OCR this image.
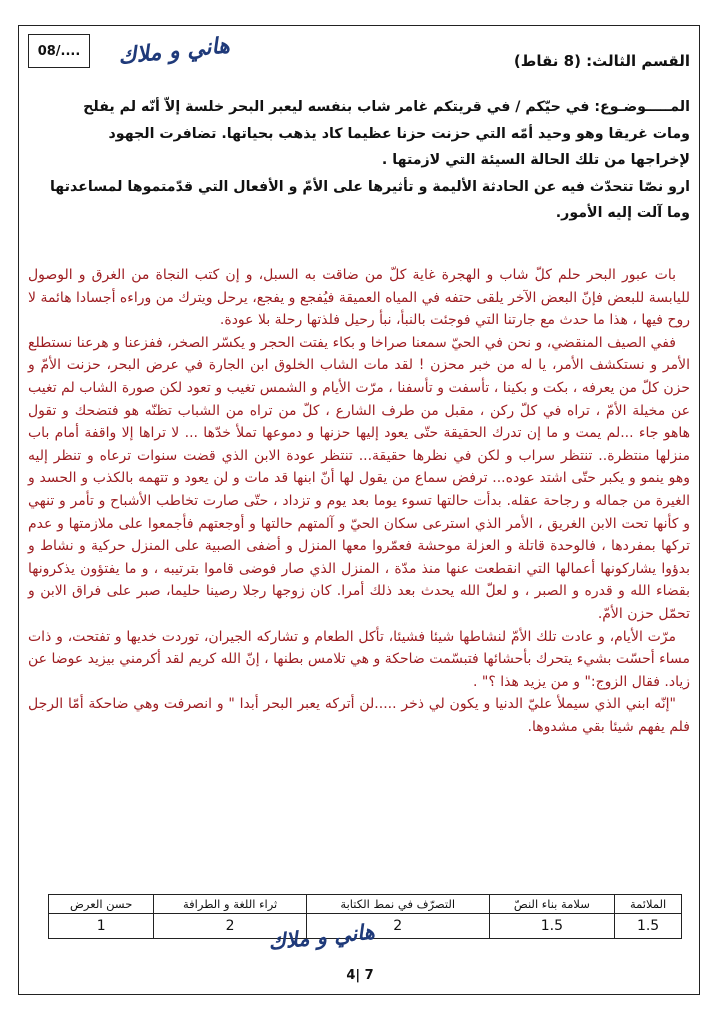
08/....	هاني و ملاك	القسم الثالث: (8 نقاط)
المـــــوضـوع: في حيّكم / في قريتكم غامر شاب بنفسه ليعبر البحر خلسة إلاّ أنّه لم يفلح
ومات غريقا وهو وحيد أمّه التي حزنت حزنا عظيما كاد يذهب بحياتها. تضافرت الجهود
لإخراجها من تلك الحالة السيئة التي لازمتها .
ارو نصّا تتحدّث فيه عن الحادثة الأليمة و تأثيرها على الأمّ و الأفعال التي قدّمتموها لمساعدتها
وما آلت إليه الأمور.

بات عبور البحر حلم كلّ شاب و الهجرة غاية كلّ من ضاقت به السبل، و إن كتب النجاة من الغرق و الوصول لليابسة للبعض فإنّ البعض الآخر يلقى حتفه في المياه العميقة فيُفجع و يفجع، يرحل ويترك من وراءه أجسادا هائمة لا روح فيها ، هذا ما حدث مع جارتنا التي فوجئت بالنبأ، نبأ رحيل فلذتها رحلة بلا عودة.

ففي الصيف المنقضي، و نحن في الحيّ سمعنا صراخا و بكاء يفتت الحجر و يكسّر الصخر، ففزعنا و هرعنا نستطلع الأمر و نستكشف الأمر، يا له من خبر محزن ! لقد مات الشاب الخلوق ابن الجارة في عرض البحر، حزنت الأمّ و حزن كلّ من يعرفه ، بكت و بكينا ، تأسفت و تأسفنا ، مرّت الأيام و الشمس تغيب و تعود لكن صورة الشاب لم تغيب عن مخيلة الأمّ ، تراه في كلّ ركن ، مقبل من طرف الشارع ، كلّ من تراه من الشباب تظنّه هو فتضحك و تقول هاهو جاء ...لم يمت و ما إن تدرك الحقيقة حتّى يعود إليها حزنها و دموعها تملأ خدّها ... لا تراها إلا واقفة أمام باب منزلها منتظرة.. تنتظر سراب و لكن في نظرها حقيقة... تنتظر عودة الابن الذي قضت سنوات ترعاه و تنظر إليه وهو ينمو و يكبر حتّى اشتد عوده... ترفض سماع من يقول لها أنّ ابنها قد مات و لن يعود و تتهمه بالكذب و الحسد و الغيرة من جماله و رجاحة عقله. بدأت حالتها تسوء يوما بعد يوم و تزداد ، حتّى صارت تخاطب الأشباح و تأمر و تنهي و كأنها تحت الابن الغريق ، الأمر الذي استرعى سكان الحيّ و آلمتهم حالتها و أوجعتهم فأجمعوا على ملازمتها و عدم تركها بمفردها ، فالوحدة قاتلة و العزلة موحشة فعمّروا معها المنزل و أضفى الصبية على المنزل حركية و نشاط و بدؤوا يشاركونها أعمالها التي انقطعت عنها منذ مدّة ، المنزل الذي صار فوضى قاموا بترتيبه ، و ما يفتؤون يذكرونها بقضاء الله و قدره و الصبر ، و لعلّ الله يحدث بعد ذلك أمرا. كان زوجها رجلا رصينا حليما، صبر على فراق الابن و تحمّل حزن الأمّ.

مرّت الأيام، و عادت تلك الأمّ لنشاطها شيئا فشيئا، تأكل الطعام و تشاركه الجيران، توردت خديها و تفتحت، و ذات مساء أحسّت بشيء يتحرك بأحشائها فتبسّمت ضاحكة و هي تلامس بطنها ، إنّ الله كريم لقد أكرمني بيزيد عوضا عن زياد. فقال الزوج:" و من يزيد هذا ؟" .

"إنّه ابني الذي سيملأ عليّ الدنيا و يكون لي ذخر .....لن أتركه يعبر البحر أبدا " و انصرفت وهي ضاحكة أمّا الرجل فلم يفهم شيئا بقي مشدوها.

الملائمة	سلامة بناء النصّ	التصرّف في نمط الكتابة	ثراء اللغة و الطرافة	حسن العرض
1.5	1.5	2	2	1	هاني و ملاك
4| 7
